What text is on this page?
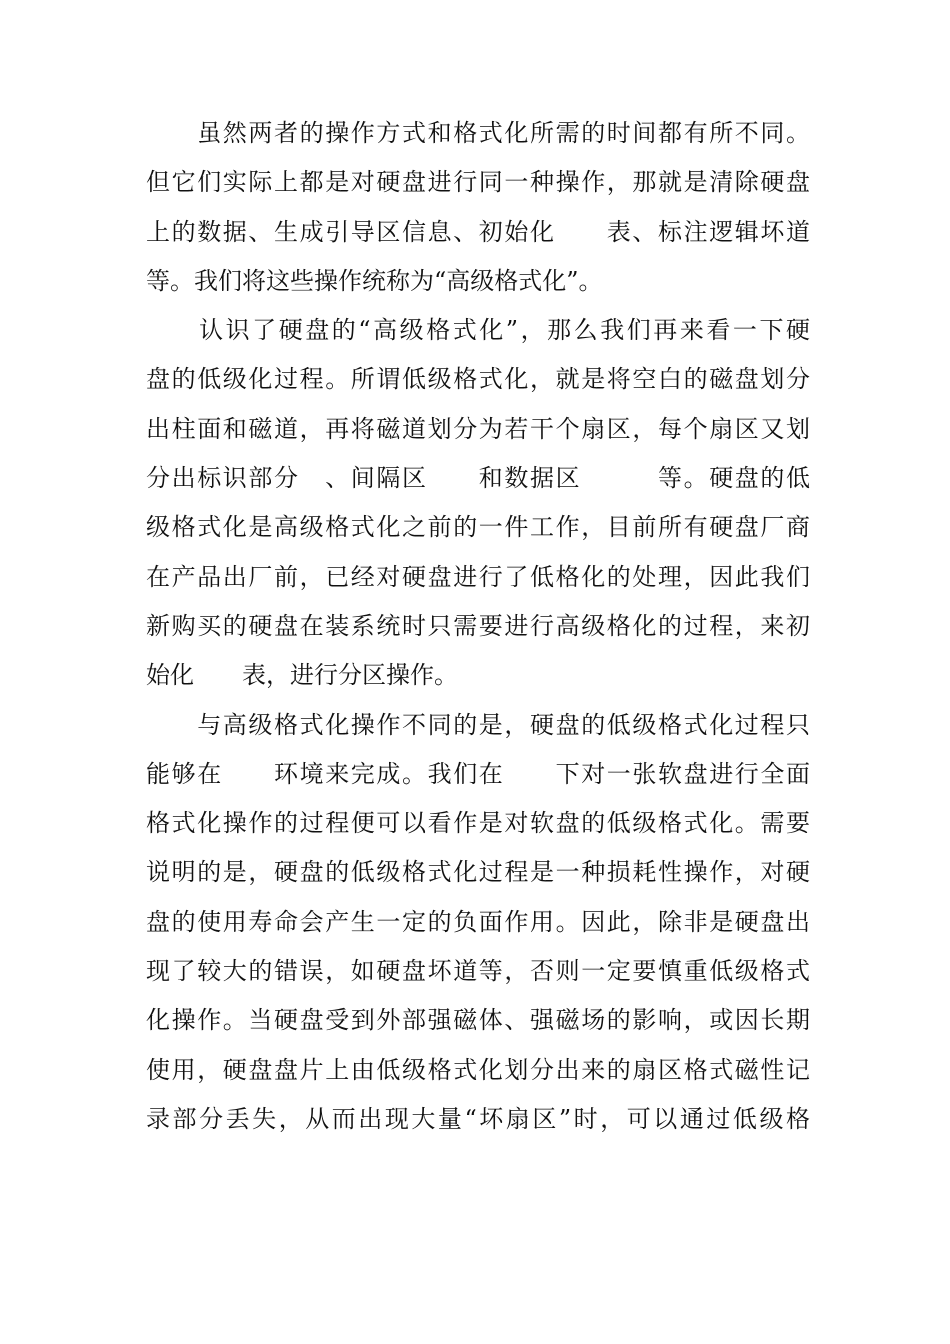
　　虽然两者的操作方式和格式化所需的时间都有所不同。
但它们实际上都是对硬盘进行同一种操作，那就是清除硬盘
上的数据、生成引导区信息、初始化　　表、标注逻辑坏道
等。我们将这些操作统称为“高级格式化”。
　　认识了硬盘的“高级格式化”，那么我们再来看一下硬
盘的低级化过程。所谓低级格式化，就是将空白的磁盘划分
出柱面和磁道，再将磁道划分为若干个扇区，每个扇区又划
分出标识部分　、间隔区　　和数据区　　　等。硬盘的低
级格式化是高级格式化之前的一件工作，目前所有硬盘厂商
在产品出厂前，已经对硬盘进行了低格化的处理，因此我们
新购买的硬盘在装系统时只需要进行高级格化的过程，来初
始化　　表，进行分区操作。
　　与高级格式化操作不同的是，硬盘的低级格式化过程只
能够在　　环境来完成。我们在　　下对一张软盘进行全面
格式化操作的过程便可以看作是对软盘的低级格式化。需要
说明的是，硬盘的低级格式化过程是一种损耗性操作，对硬
盘的使用寿命会产生一定的负面作用。因此，除非是硬盘出
现了较大的错误，如硬盘坏道等，否则一定要慎重低级格式
化操作。当硬盘受到外部强磁体、强磁场的影响，或因长期
使用，硬盘盘片上由低级格式化划分出来的扇区格式磁性记
录部分丢失，从而出现大量“坏扇区”时，可以通过低级格
